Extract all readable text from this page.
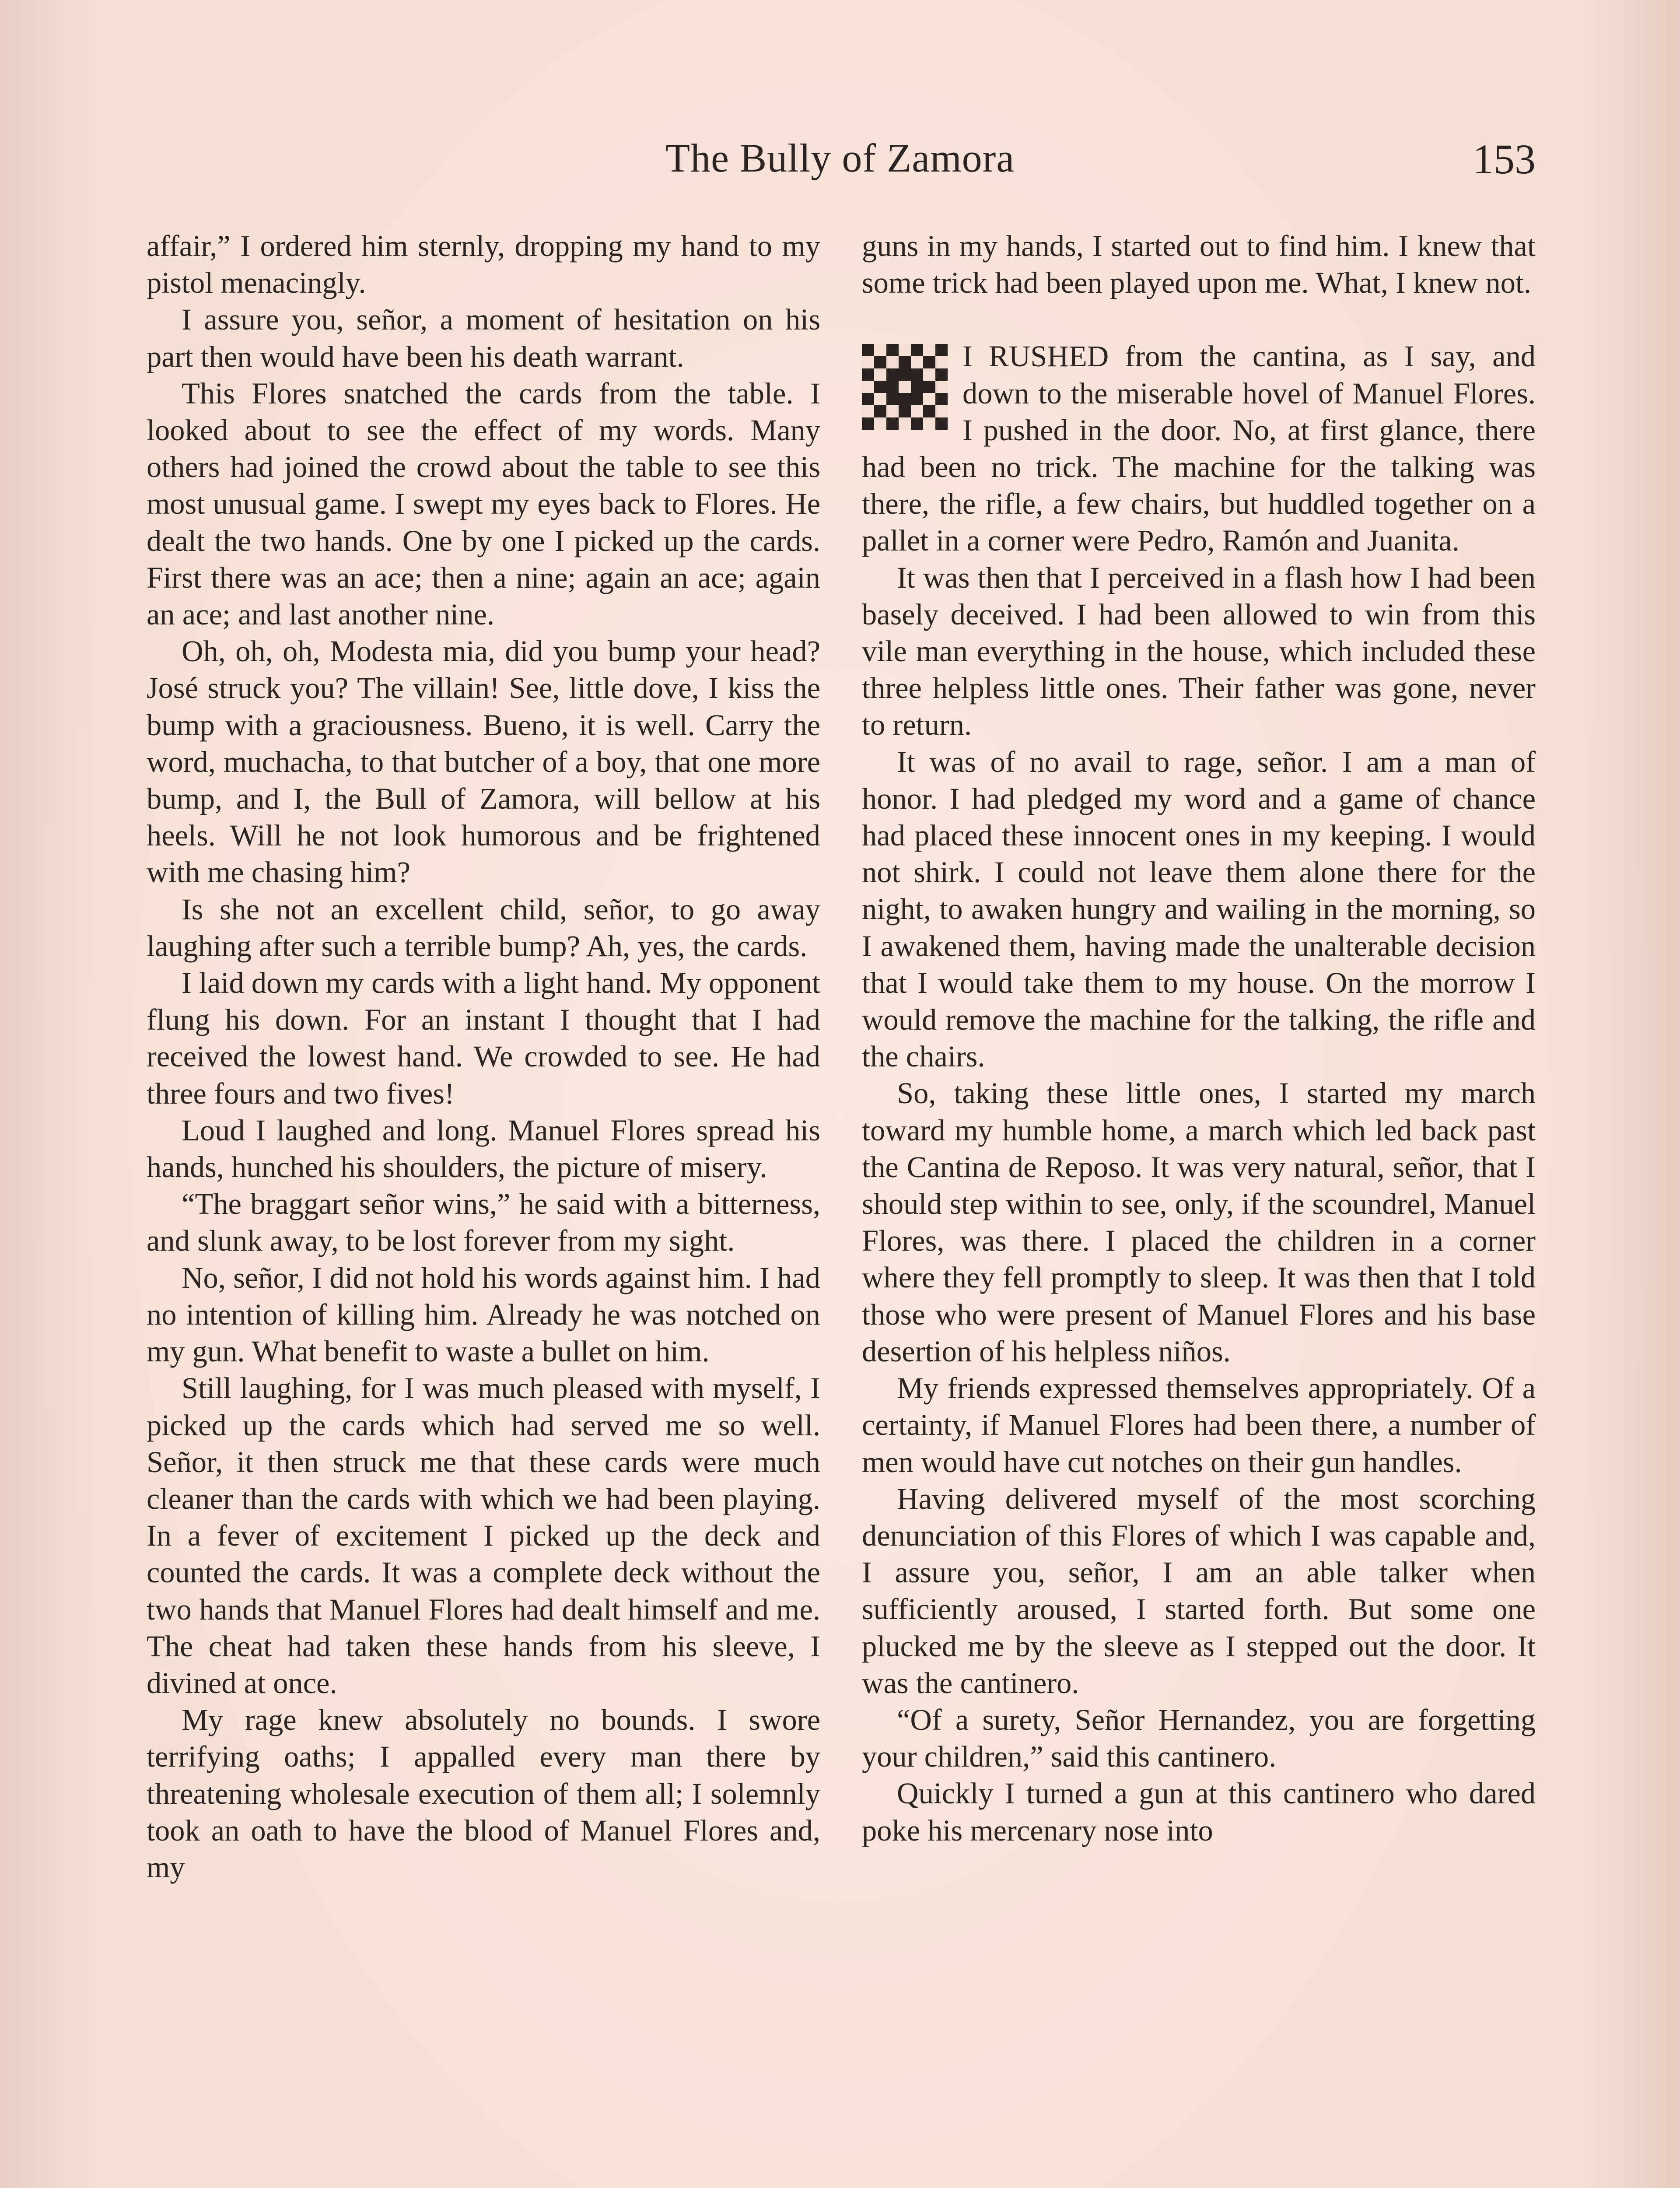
The Bully of Zamora	153

affair,” I ordered him sternly, dropping my hand to my pistol menacingly.

I assure you, señor, a moment of hesitation on his part then would have been his death warrant.

This Flores snatched the cards from the table. I looked about to see the effect of my words. Many others had joined the crowd about the table to see this most unusual game. I swept my eyes back to Flores. He dealt the two hands. One by one I picked up the cards. First there was an ace; then a nine; again an ace; again an ace; and last another nine.

Oh, oh, oh, Modesta mia, did you bump your head? José struck you? The villain! See, little dove, I kiss the bump with a graciousness. Bueno, it is well. Carry the word, muchacha, to that butcher of a boy, that one more bump, and I, the Bull of Zamora, will bellow at his heels. Will he not look humorous and be frightened with me chasing him?

Is she not an excellent child, señor, to go away laughing after such a terrible bump? Ah, yes, the cards.

I laid down my cards with a light hand. My opponent flung his down. For an instant I thought that I had received the lowest hand. We crowded to see. He had three fours and two fives!

Loud I laughed and long. Manuel Flores spread his hands, hunched his shoulders, the picture of misery.

“The braggart señor wins,” he said with a bitterness, and slunk away, to be lost forever from my sight.

No, señor, I did not hold his words against him. I had no intention of killing him. Already he was notched on my gun. What benefit to waste a bullet on him.

Still laughing, for I was much pleased with myself, I picked up the cards which had served me so well. Señor, it then struck me that these cards were much cleaner than the cards with which we had been playing. In a fever of excitement I picked up the deck and counted the cards. It was a complete deck without the two hands that Manuel Flores had dealt himself and me. The cheat had taken these hands from his sleeve, I divined at once.

My rage knew absolutely no bounds. I swore terrifying oaths; I appalled every man there by threatening wholesale execution of them all; I solemnly took an oath to have the blood of Manuel Flores and, my

guns in my hands, I started out to find him. I knew that some trick had been played upon me. What, I knew not.

I RUSHED from the cantina, as I say, and down to the miserable hovel of Manuel Flores. I pushed in the door. No, at first glance, there had been no trick. The machine for the talking was there, the rifle, a few chairs, but huddled together on a pallet in a corner were Pedro, Ramón and Juanita.

It was then that I perceived in a flash how I had been basely deceived. I had been allowed to win from this vile man everything in the house, which included these three helpless little ones. Their father was gone, never to return.

It was of no avail to rage, señor. I am a man of honor. I had pledged my word and a game of chance had placed these innocent ones in my keeping. I would not shirk. I could not leave them alone there for the night, to awaken hungry and wailing in the morning, so I awakened them, having made the unalterable decision that I would take them to my house. On the morrow I would remove the machine for the talking, the rifle and the chairs.

So, taking these little ones, I started my march toward my humble home, a march which led back past the Cantina de Reposo. It was very natural, señor, that I should step within to see, only, if the scoundrel, Manuel Flores, was there. I placed the children in a corner where they fell promptly to sleep. It was then that I told those who were present of Manuel Flores and his base desertion of his helpless niños.

My friends expressed themselves appropriately. Of a certainty, if Manuel Flores had been there, a number of men would have cut notches on their gun handles.

Having delivered myself of the most scorching denunciation of this Flores of which I was capable and, I assure you, señor, I am an able talker when sufficiently aroused, I started forth. But some one plucked me by the sleeve as I stepped out the door. It was the cantinero.

“Of a surety, Señor Hernandez, you are forgetting your children,” said this cantinero.

Quickly I turned a gun at this cantinero who dared poke his mercenary nose into
